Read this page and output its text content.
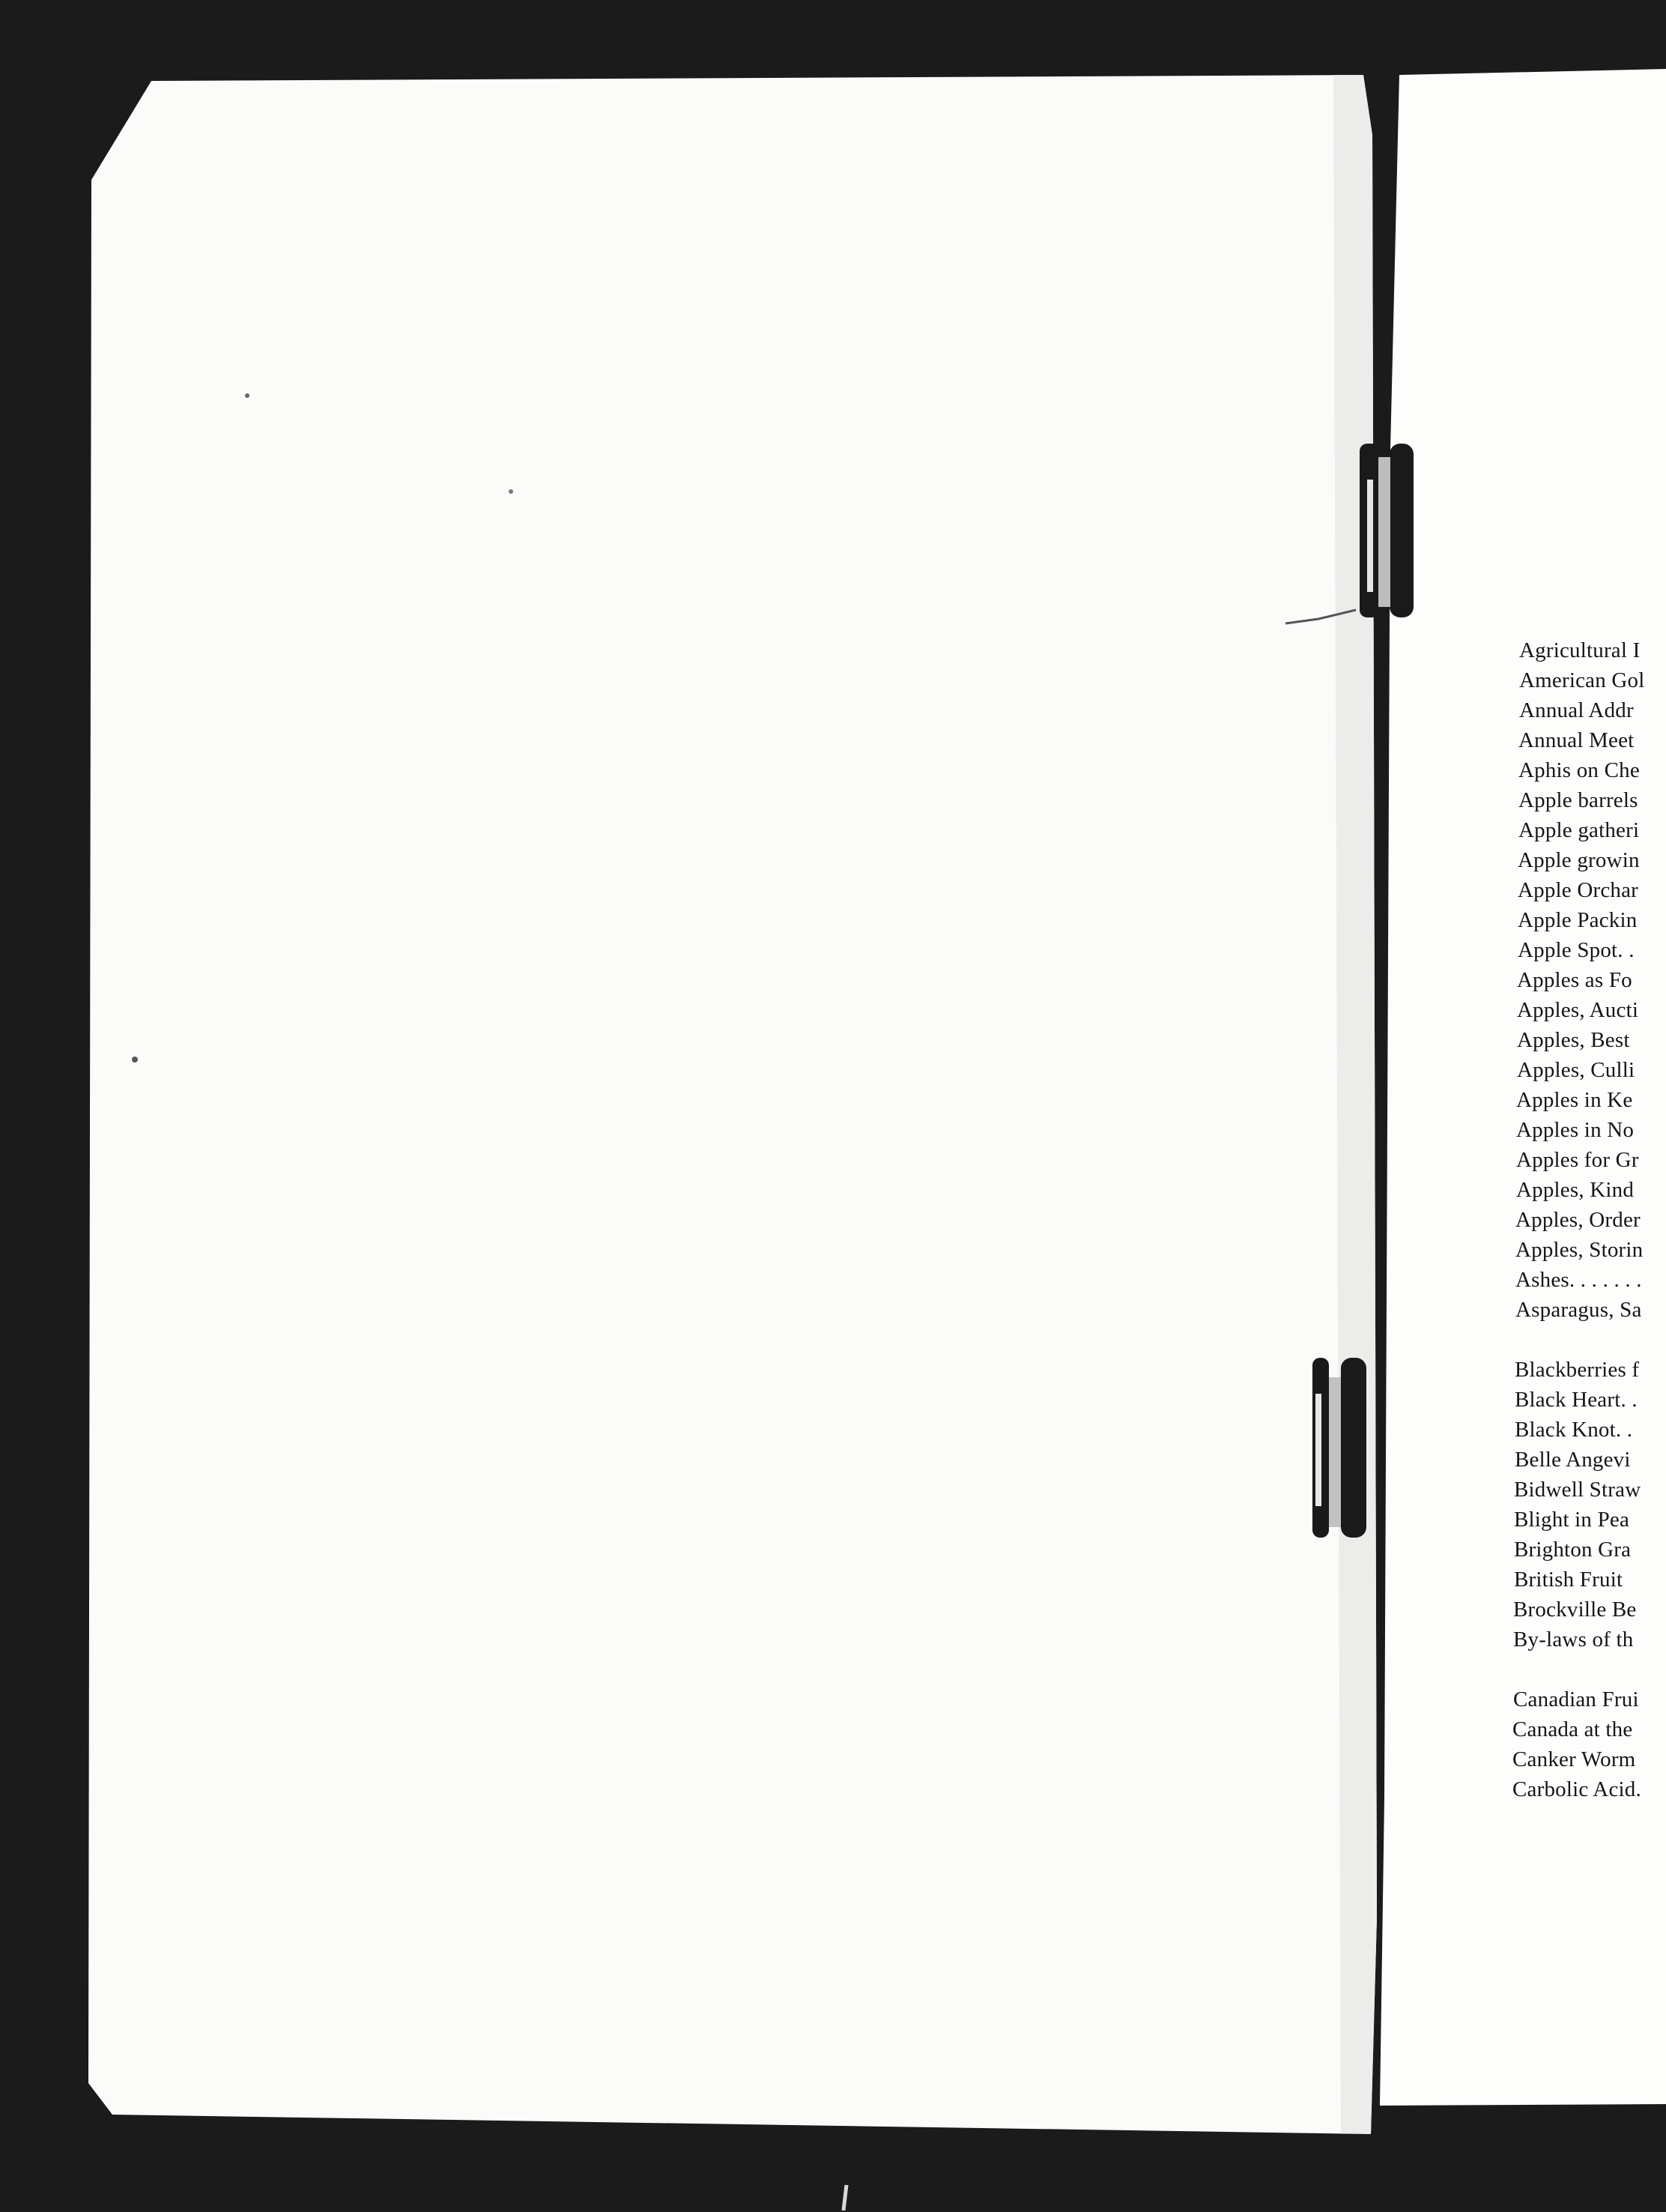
Agricultural I
American Gol
Annual Addr
Annual Meet
Aphis on Che
Apple barrels
Apple gatheri
Apple growin
Apple Orchar
Apple Packin
Apple Spot. .
Apples as Fo
Apples, Aucti
Apples, Best
Apples, Culli
Apples in Ke
Apples in No
Apples for Gr
Apples, Kind
Apples, Order
Apples, Storin
Ashes. . . . . . .
Asparagus, Sa
Blackberries f
Black Heart. .
Black Knot. .
Belle Angevi
Bidwell Straw
Blight in Pea
Brighton Gra
British Fruit
Brockville Be
By-laws of th
Canadian Frui
Canada at the
Canker Worm
Carbolic Acid.
